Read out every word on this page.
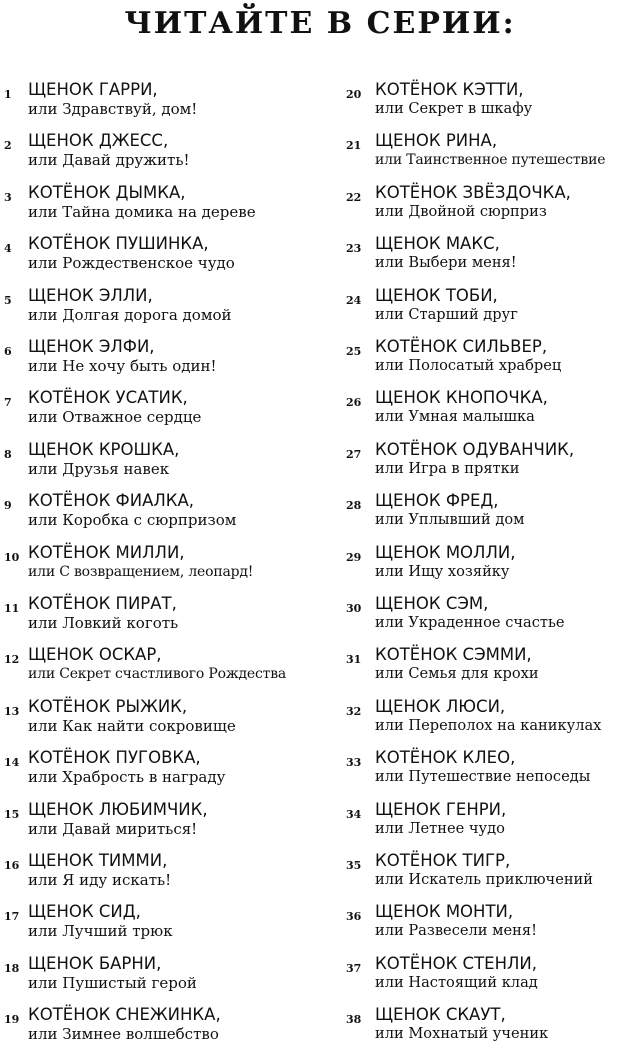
ЧИТАЙТЕ В СЕРИИ:
1 ЩЕНОК ГАРРИ,
или Здравствуй, дом!
2 ЩЕНОК ДЖЕСС,
или Давай дружить!
3 КОТЁНОК ДЫМКА,
или Тайна домика на дереве
4 КОТЁНОК ПУШИНКА,
или Рождественское чудо
5 ЩЕНОК ЭЛЛИ,
или Долгая дорога домой
6 ЩЕНОК ЭЛФИ,
или Не хочу быть один!
7 КОТЁНОК УСАТИК,
или Отважное сердце
8 ЩЕНОК КРОШКА,
или Друзья навек
9 КОТЁНОК ФИАЛКА,
или Коробка с сюрпризом
10 КОТЁНОК МИЛЛИ,
или С возвращением, леопард!
11 КОТЁНОК ПИРАТ,
или Ловкий коготь
12 ЩЕНОК ОСКАР,
или Секрет счастливого Рождества
13 КОТЁНОК РЫЖИК,
или Как найти сокровище
14 КОТЁНОК ПУГОВКА,
или Храбрость в награду
15 ЩЕНОК ЛЮБИМЧИК,
или Давай мириться!
16 ЩЕНОК ТИММИ,
или Я иду искать!
17 ЩЕНОК СИД,
или Лучший трюк
18 ЩЕНОК БАРНИ,
или Пушистый герой
19 КОТЁНОК СНЕЖИНКА,
или Зимнее волшебство
20 КОТЁНОК КЭТТИ,
или Секрет в шкафу
21 ЩЕНОК РИНА,
или Таинственное путешествие
22 КОТЁНОК ЗВЁЗДОЧКА,
или Двойной сюрприз
23 ЩЕНОК МАКС,
или Выбери меня!
24 ЩЕНОК ТОБИ,
или Старший друг
25 КОТЁНОК СИЛЬВЕР,
или Полосатый храбрец
26 ЩЕНОК КНОПОЧКА,
или Умная малышка
27 КОТЁНОК ОДУВАНЧИК,
или Игра в прятки
28 ЩЕНОК ФРЕД,
или Уплывший дом
29 ЩЕНОК МОЛЛИ,
или Ищу хозяйку
30 ЩЕНОК СЭМ,
или Украденное счастье
31 КОТЁНОК СЭММИ,
или Семья для крохи
32 ЩЕНОК ЛЮСИ,
или Переполох на каникулах
33 КОТЁНОК КЛЕО,
или Путешествие непоседы
34 ЩЕНОК ГЕНРИ,
или Летнее чудо
35 КОТЁНОК ТИГР,
или Искатель приключений
36 ЩЕНОК МОНТИ,
или Развесели меня!
37 КОТЁНОК СТЕНЛИ,
или Настоящий клад
38 ЩЕНОК СКАУТ,
или Мохнатый ученик
